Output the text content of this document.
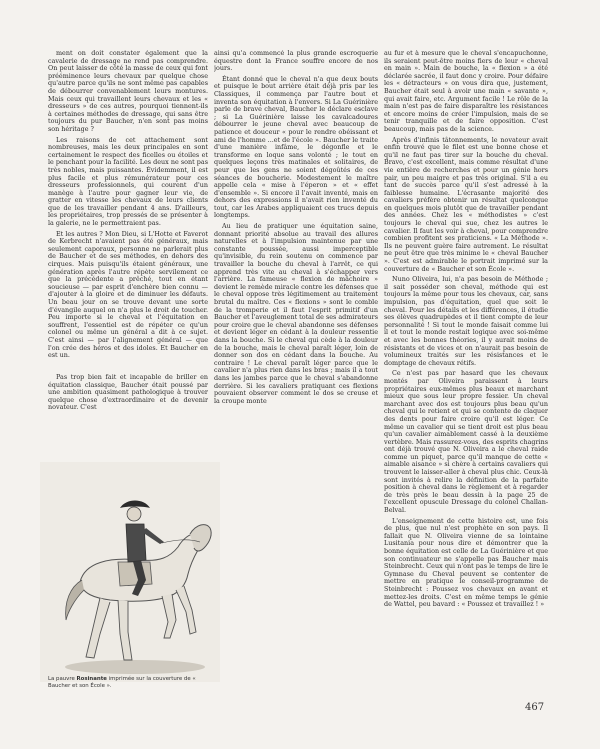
ment on doit constater également que la cavalerie de dressage ne rend pas comprendre. On peut laisser de côté la masse de ceux qui font prééminence leurs chevaux par quelque chose qu'autre parce qu'ils ne sont même pas capables de débourrer convenablement leurs montures. Mais ceux qui travaillent leurs chevaux et les « dresseurs » de ces autres, pourquoi tiennent-ils à certaines méthodes de dressage, qui sans être toujours du pur Baucher, n'en sont pas moins son héritage ?

Les raisons de cet attachement sont nombreuses, mais les deux principales en sont certainement le respect des ficelles ou étoiles et le penchant pour la facilité. Les deux ne sont pas très nobles, mais puissantes. Évidemment, il est plus facile et plus rémunérateur pour ces dresseurs professionnels, qui courent d'un manège à l'autre pour gagner leur vie, de gratter en vitesse les chevaux de leurs clients que de les travailler pendant 4 ans. D'ailleurs, les propriétaires, trop pressés de se présenter à la galerie, ne le permettraient pas.

Et les autres ? Mon Dieu, si L'Hotte et Faverot de Kerbrecht n'avaient pas été généraux, mais seulement caporaux, personne ne parlerait plus de Baucher et de ses méthodes, en dehors des cirques. Mais puisqu'ils étaient généraux, une génération après l'autre répète servilement ce que la précédente a prêché, tout en étant soucieuse — par esprit d'enchère bien connu — d'ajouter à la gloire et de diminuer les défauts. Un beau jour on se trouve devant une sorte d'évangile auquel on n'a plus le droit de toucher. Peu importe si le cheval et l'équitation en souffrent, l'essentiel est de répéter ce qu'un colonel ou même un général a dit à ce sujet. C'est ainsi — par l'alignement général — que l'on crée des héros et des idoles. Et Baucher en est un.

Pas trop bien fait et incapable de briller en équitation classique, Baucher était poussé par une ambition quasiment pathologique à trouver quelque chose d'extraordinaire et de devenir novateur. C'est

La pauvre Rosinante imprimée sur la couverture de « Baucher et son École ».

ainsi qu'a commencé la plus grande escroquerie équestre dont la France souffre encore de nos jours.

Étant donné que le cheval n'a que deux bouts et puisque le bout arrière était déjà pris par les Classiques, il commença par l'autre bout et inventa son équitation à l'envers. Si La Guérinière parle de brave cheval, Baucher le déclare esclave ; si La Guérinière laisse les cavalcadoures débourrer le jeune cheval avec beaucoup de patience et douceur « pour le rendre obéissant et ami de l'homme ...et de l'école ». Baucher le traite d'une manière infâme, le dégonfle et le transforme en loque sans volonté ; le tout en quelques leçons très matinales et solitaires, de peur que les gens ne soient dégoûtés de ces séances de boucherie. Modestement le maître appelle cela « mise à l'éperon » et « effet d'ensemble ». Si encore il l'avait inventé, mais en dehors des expressions il n'avait rien inventé du tout, car les Arabes appliquaient ces trucs depuis longtemps.

Au lieu de pratiquer une équitation saine, donnant priorité absolue au travail des allures naturelles et à l'impulsion maintenue par une constante poussée, aussi imperceptible qu'invisible, du rein soutenu on commence par travailler la bouche du cheval à l'arrêt, ce qui apprend très vite au cheval à s'échapper vers l'arrière. La fameuse « flexion de mâchoire » devient le remède miracle contre les défenses que le cheval oppose très légitimement au traitement brutal du maître. Ces « flexions » sont le comble de la tromperie et il faut l'esprit primitif d'un Baucher et l'aveuglement total de ses admirateurs pour croire que le cheval abandonne ses défenses et devient léger en cédant à la douleur ressentie dans la bouche. Si le cheval qui cède à la douleur de la bouche, mais le cheval paraît léger, loin de donner son dos en cédant dans la bouche. Au contraire ! Le cheval paraît léger parce que le cavalier n'a plus rien dans les bras ; mais il a tout dans les jambes parce que le cheval s'abandonne derrière. Si les cavaliers pratiquant ces flexions pouvaient observer comment le dos se creuse et la croupe monte

au fur et à mesure que le cheval s'encapuchonne, ils seraient peut-être moins fiers de leur « cheval en main ». Main de bouche, la « flexion » a été déclarée sacrée, il faut donc y croire. Pour défaire les « détracteurs » on vous dira que, justement, Baucher était seul à avoir une main « savante », qui avait faire, etc. Argument facile ! Le rôle de la main n'est pas de faire disparaître les résistances et encore moins de créer l'impulsion, mais de se tenir tranquille et de faire opposition. C'est beaucoup, mais pas de la science.

Après d'infinis tâtonnements, le novateur avait enfin trouvé que le filet est une bonne chose et qu'il ne faut pas tirer sur la bouche du cheval. Bravo, c'est excellent, mais comme résultat d'une vie entière de recherches et pour un génie hors pair, un peu maigre et pas très original. S'il a eu tant de succès parce qu'il s'est adressé à la faiblesse humaine. L'écrasante majorité des cavaliers préfère obtenir un résultat quelconque en quelques mois plutôt que de travailler pendant des années. Chez les « méthodistes » c'est toujours le cheval qui sue, chez les autres le cavalier. Il faut les voir à cheval, pour comprendre combien profitent ses praticiens. « La Méthode ». Ils ne peuvent guère faire autrement. Le résultat ne peut être que très minime le « cheval Baucher ». C'est est admirable le portrait imprimé sur la couverture de « Baucher et son École ».

Nuno Oliveira, lui, n'a pas besoin de Méthode ; il sait posséder son cheval, méthode qui est toujours la même pour tous les chevaux, car, sans impulsion, pas d'équitation, quel que soit le cheval. Pour les détails et les différences, il étudie ses élèves quadrupèdes et il tient compte de leur personnalité ! Si tout le monde faisait comme lui il et tout le monde restait logique avec soi-même et avec les bonnes théories, il y aurait moins de résistants et de vices et on n'aurait pas besoin de volumineux traités sur les résistances et le domptage de chevaux rétifs.

Ce n'est pas par hasard que les chevaux montés par Oliveira paraissent à leurs propriétaires eux-mêmes plus beaux et marchant mieux que sous leur propre fessier. Un cheval marchant avec dos est toujours plus beau qu'un cheval qui le retient et qui se contente de claquer des dents pour faire croire qu'il est léger. Ce même un cavalier qui se tient droit est plus beau qu'un cavalier aimablement cassé à la deuxième vertèbre. Mais rassurez-vous, des esprits chagrins ont déjà trouvé que N. Oliveira a le cheval raide comme un piquet, parce qu'il manque de cette « aimable aisance » si chère à certains cavaliers qui trouvent le laisser-aller à cheval plus chic. Ceux-là sont invités à relire la définition de la parfaite position à cheval dans le règlement et à regarder de très près le beau dessin à la page 25 de l'excellent opuscule Dressage du colonel Challan-Belval.

L'enseignement de cette histoire est, une fois de plus, que nul n'est prophète en son pays. Il fallait que N. Oliveira vienne de sa lointaine Lusitania pour nous dire et démontrer que la bonne équitation est celle de La Guérinière et que son continuateur ne s'appelle pas Baucher mais Steinbrecht. Ceux qui n'ont pas le temps de lire le Gymnase du Cheval peuvent se contenter de mettre en pratique le conseil-programme de Steinbrecht : Poussez vos chevaux en avant et mettez-les droits. C'est en même temps le génie de Wattel, peu bavard : « Poussez et travaillez ! »

467
